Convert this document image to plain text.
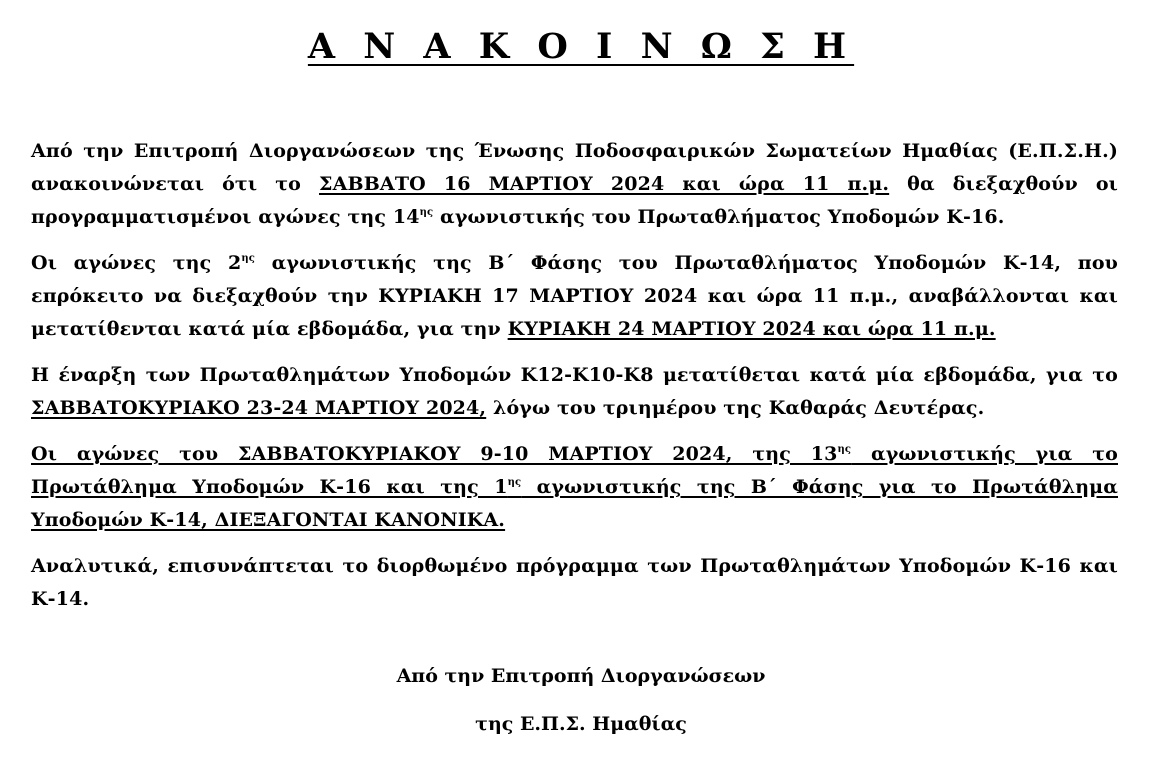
Α Ν Α Κ Ο Ι Ν Ω Σ Η

Από την Επιτροπή Διοργανώσεων της Ένωσης Ποδοσφαιρικών Σωματείων Ημαθίας (Ε.Π.Σ.Η.) ανακοινώνεται ότι το ΣΑΒΒΑΤΟ 16 ΜΑΡΤΙΟΥ 2024 και ώρα 11 π.μ. θα διεξαχθούν οι προγραμματισμένοι αγώνες της $14^{\eta\varsigma}$ αγωνιστικής του Πρωταθλήματος Υποδομών Κ-16.

Οι αγώνες της $2^{\eta\varsigma}$ αγωνιστικής της Β΄ Φάσης του Πρωταθλήματος Υποδομών Κ-14, που επρόκειτο να διεξαχθούν την ΚΥΡΙΑΚΗ 17 ΜΑΡΤΙΟΥ 2024 και ώρα 11 π.μ., αναβάλλονται και μετατίθενται κατά μία εβδομάδα, για την ΚΥΡΙΑΚΗ 24 ΜΑΡΤΙΟΥ 2024 και ώρα 11 π.μ.

Η έναρξη των Πρωταθλημάτων Υποδομών Κ12-Κ10-Κ8 μετατίθεται κατά μία εβδομάδα, για το ΣΑΒΒΑΤΟΚΥΡΙΑΚΟ 23-24 ΜΑΡΤΙΟΥ 2024, λόγω του τριημέρου της Καθαράς Δευτέρας.

Οι αγώνες του ΣΑΒΒΑΤΟΚΥΡΙΑΚΟΥ 9-10 ΜΑΡΤΙΟΥ 2024, της $13^{\eta\varsigma}$ αγωνιστικής για το Πρωτάθλημα Υποδομών Κ-16 και της $1^{\eta\varsigma}$ αγωνιστικής της Β΄ Φάσης για το Πρωτάθλημα Υποδομών Κ-14, ΔΙΕΞΑΓΟΝΤΑΙ ΚΑΝΟΝΙΚΑ.

Αναλυτικά, επισυνάπτεται το διορθωμένο πρόγραμμα των Πρωταθλημάτων Υποδομών Κ-16 και Κ-14.

Από την Επιτροπή Διοργανώσεων
της Ε.Π.Σ. Ημαθίας
